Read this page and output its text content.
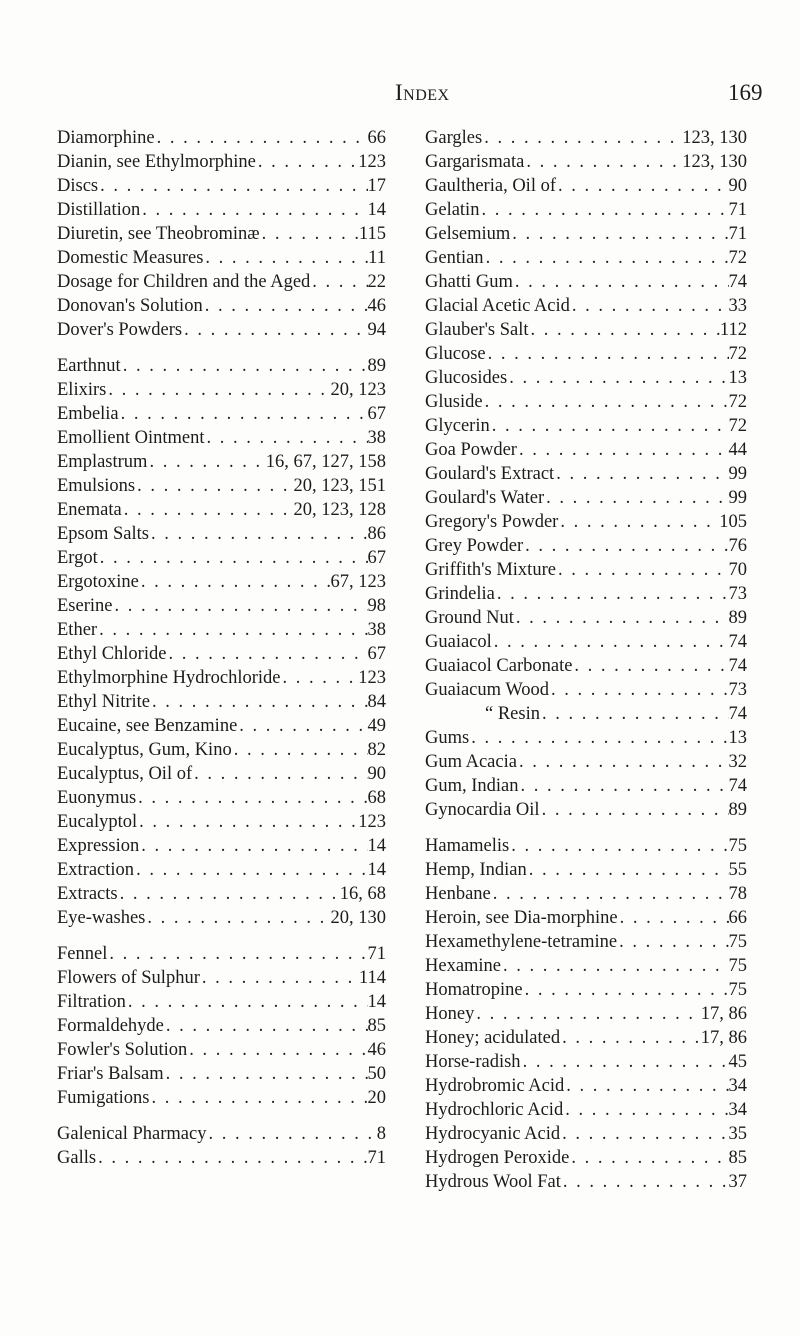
Index	169
Diamorphine . . .	66
Dianin, see Ethylmorphine . . .	123
Discs . . .	17
Distillation . . .	14
Diuretin, see Theobrominæ . . .	115
Domestic Measures . . .	11
Dosage for Children and the Aged . . .	22
Donovan's Solution . . .	46
Dover's Powders . . .	94
Earthnut . . .	89
Elixirs . . .	20, 123
Embelia . . .	67
Emollient Ointment . . .	38
Emplastrum . . .	16, 67, 127, 158
Emulsions . . .	20, 123, 151
Enemata . . .	20, 123, 128
Epsom Salts . . .	86
Ergot . . .	67
Ergotoxine . . .	67, 123
Eserine . . .	98
Ether . . .	38
Ethyl Chloride . . .	67
Ethylmorphine Hydrochloride . . .	123
Ethyl Nitrite . . .	84
Eucaine, see Benzamine . . .	49
Eucalyptus, Gum, Kino . . .	82
Eucalyptus, Oil of . . .	90
Euonymus . . .	68
Eucalyptol . . .	123
Expression . . .	14
Extraction . . .	14
Extracts . . .	16, 68
Eye-washes . . .	20, 130
Fennel . . .	71
Flowers of Sulphur . . .	114
Filtration . . .	14
Formaldehyde . . .	85
Fowler's Solution . . .	46
Friar's Balsam . . .	50
Fumigations . . .	20
Galenical Pharmacy . . .	8
Galls . . .	71
Gargles . . .	123, 130
Gargarismata . . .	123, 130
Gaultheria, Oil of . . .	90
Gelatin . . .	71
Gelsemium . . .	71
Gentian . . .	72
Ghatti Gum . . .	74
Glacial Acetic Acid . . .	33
Glauber's Salt . . .	112
Glucose . . .	72
Glucosides . . .	13
Gluside . . .	72
Glycerin . . .	72
Goa Powder . . .	44
Goulard's Extract . . .	99
Goulard's Water . . .	99
Gregory's Powder . . .	105
Grey Powder . . .	76
Griffith's Mixture . . .	70
Grindelia . . .	73
Ground Nut . . .	89
Guaiacol . . .	74
Guaiacol Carbonate . . .	74
Guaiacum Wood . . .	73
“ Resin . . .	74
Gums . . .	13
Gum Acacia . . .	32
Gum, Indian . . .	74
Gynocardia Oil . . .	89
Hamamelis . . .	75
Hemp, Indian . . .	55
Henbane . . .	78
Heroin, see Dia-morphine . . .	66
Hexamethylene-tetramine . . .	75
Hexamine . . .	75
Homatropine . . .	75
Honey . . .	17, 86
Honey; acidulated . . .	17, 86
Horse-radish . . .	45
Hydrobromic Acid . . .	34
Hydrochloric Acid . . .	34
Hydrocyanic Acid . . .	35
Hydrogen Peroxide . . .	85
Hydrous Wool Fat . . .	37
